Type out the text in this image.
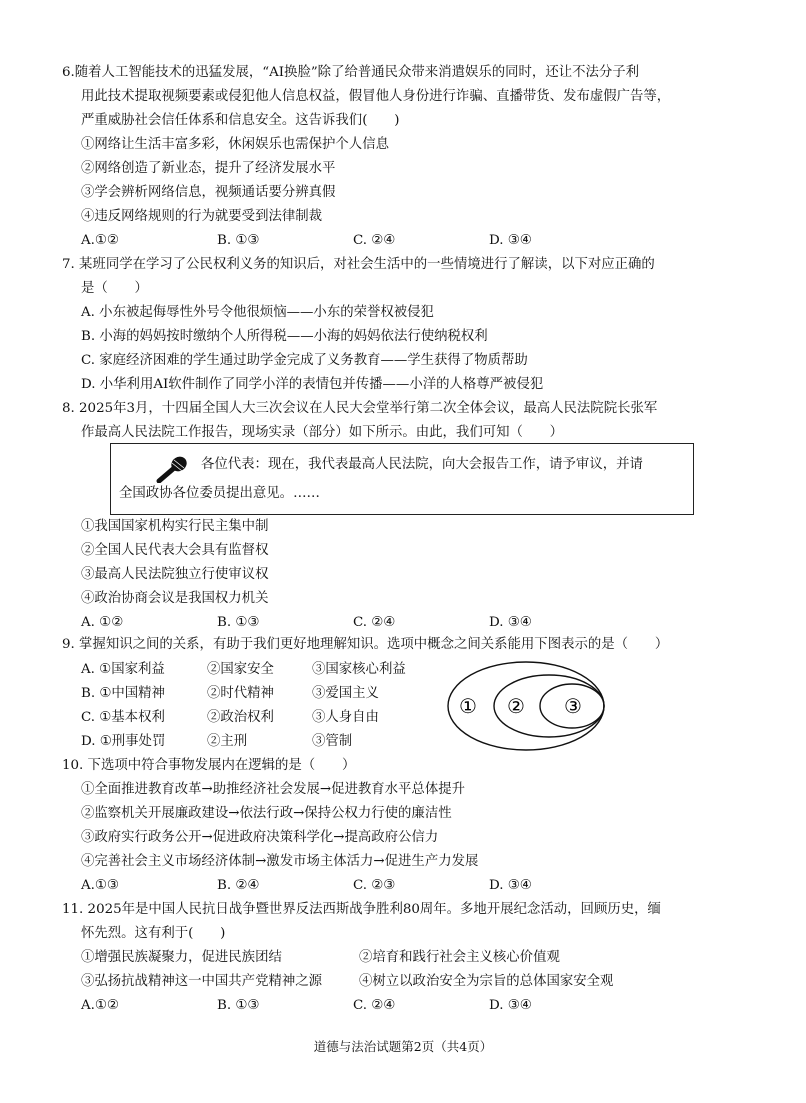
6.随着人工智能技术的迅猛发展，“AI换脸”除了给普通民众带来消遣娱乐的同时，还让不法分子利
用此技术提取视频要素或侵犯他人信息权益，假冒他人身份进行诈骗、直播带货、发布虚假广告等，
严重威胁社会信任体系和信息安全。这告诉我们(　　)
①网络让生活丰富多彩，休闲娱乐也需保护个人信息
②网络创造了新业态，提升了经济发展水平
③学会辨析网络信息，视频通话要分辨真假
④违反网络规则的行为就要受到法律制裁
A.①②	B. ①③	C. ②④	D. ③④
7. 某班同学在学习了公民权利义务的知识后，对社会生活中的一些情境进行了解读，以下对应正确的
是（　　）
A. 小东被起侮辱性外号令他很烦恼——小东的荣誉权被侵犯
B. 小海的妈妈按时缴纳个人所得税——小海的妈妈依法行使纳税权利
C. 家庭经济困难的学生通过助学金完成了义务教育——学生获得了物质帮助
D. 小华利用AI软件制作了同学小洋的表情包并传播——小洋的人格尊严被侵犯
8. 2025年3月，十四届全国人大三次会议在人民大会堂举行第二次全体会议，最高人民法院院长张军
作最高人民法院工作报告，现场实录（部分）如下所示。由此，我们可知（　　）
各位代表：现在，我代表最高人民法院，向大会报告工作，请予审议，并请
全国政协各位委员提出意见。……
①我国国家机构实行民主集中制
②全国人民代表大会具有监督权
③最高人民法院独立行使审议权
④政治协商会议是我国权力机关
A. ①②	B. ①③	C. ②④	D. ③④
9. 掌握知识之间的关系，有助于我们更好地理解知识。选项中概念之间关系能用下图表示的是（　　）
A. ①国家利益	②国家安全	③国家核心利益
B. ①中国精神	②时代精神	③爱国主义
C. ①基本权利	②政治权利	③人身自由
D. ①刑事处罚	②主刑	③管制
① ② ③
10. 下选项中符合事物发展内在逻辑的是（　　）
①全面推进教育改革→助推经济社会发展→促进教育水平总体提升
②监察机关开展廉政建设→依法行政→保持公权力行使的廉洁性
③政府实行政务公开→促进政府决策科学化→提高政府公信力
④完善社会主义市场经济体制→激发市场主体活力→促进生产力发展
A.①③	B. ②④	C. ②③	D. ③④
11. 2025年是中国人民抗日战争暨世界反法西斯战争胜利80周年。多地开展纪念活动，回顾历史，缅
怀先烈。这有利于(　　)
①增强民族凝聚力，促进民族团结	②培育和践行社会主义核心价值观
③弘扬抗战精神这一中国共产党精神之源	④树立以政治安全为宗旨的总体国家安全观
A.①②	B. ①③	C. ②④	D. ③④
道德与法治试题第2页（共4页）
